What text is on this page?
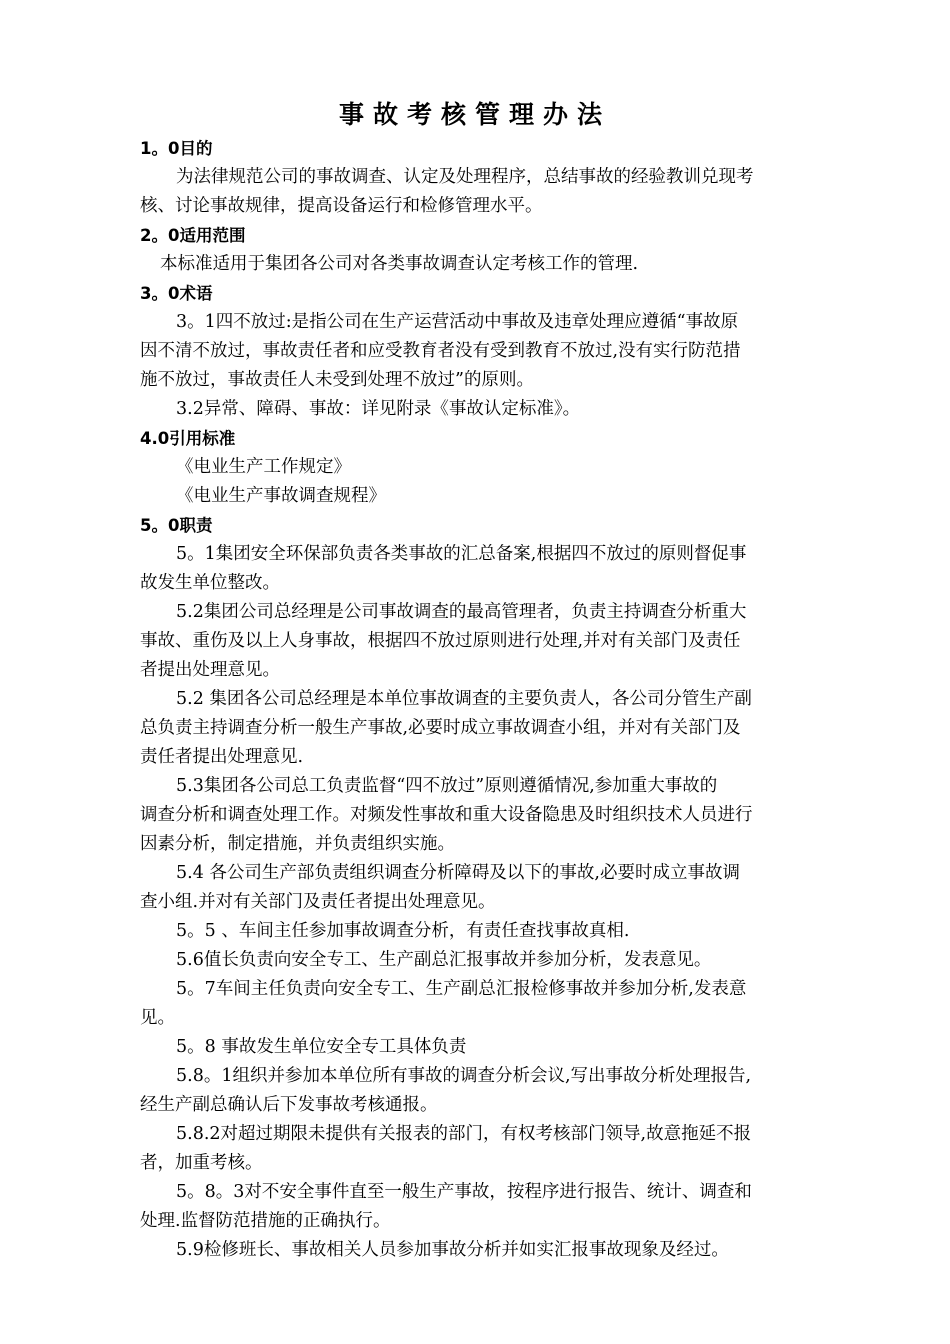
事故考核管理办法
1。0目的
为法律规范公司的事故调查、认定及处理程序，总结事故的经验教训兑现考
核、讨论事故规律，提高设备运行和检修管理水平。
2。0适用范围
本标准适用于集团各公司对各类事故调查认定考核工作的管理.
3。0术语
3。1四不放过:是指公司在生产运营活动中事故及违章处理应遵循“事故原
因不清不放过，事故责任者和应受教育者没有受到教育不放过,没有实行防范措
施不放过，事故责任人未受到处理不放过”的原则。
3.2异常、障碍、事故：详见附录《事故认定标准》。
4.0引用标准
《电业生产工作规定》
《电业生产事故调查规程》
5。0职责
5。1集团安全环保部负责各类事故的汇总备案,根据四不放过的原则督促事
故发生单位整改。
5.2集团公司总经理是公司事故调查的最高管理者，负责主持调查分析重大
事故、重伤及以上人身事故，根据四不放过原则进行处理,并对有关部门及责任
者提出处理意见。
5.2 集团各公司总经理是本单位事故调查的主要负责人，各公司分管生产副
总负责主持调查分析一般生产事故,必要时成立事故调查小组，并对有关部门及
责任者提出处理意见.
5.3集团各公司总工负责监督“四不放过”原则遵循情况,参加重大事故的
调查分析和调查处理工作。对频发性事故和重大设备隐患及时组织技术人员进行
因素分析，制定措施，并负责组织实施。
5.4 各公司生产部负责组织调查分析障碍及以下的事故,必要时成立事故调
查小组.并对有关部门及责任者提出处理意见。
5。5 、车间主任参加事故调查分析，有责任查找事故真相.
5.6值长负责向安全专工、生产副总汇报事故并参加分析，发表意见。
5。7车间主任负责向安全专工、生产副总汇报检修事故并参加分析,发表意
见。
5。8 事故发生单位安全专工具体负责
5.8。1组织并参加本单位所有事故的调查分析会议,写出事故分析处理报告,
经生产副总确认后下发事故考核通报。
5.8.2对超过期限未提供有关报表的部门，有权考核部门领导,故意拖延不报
者，加重考核。
5。8。3对不安全事件直至一般生产事故，按程序进行报告、统计、调查和
处理.监督防范措施的正确执行。
5.9检修班长、事故相关人员参加事故分析并如实汇报事故现象及经过。
